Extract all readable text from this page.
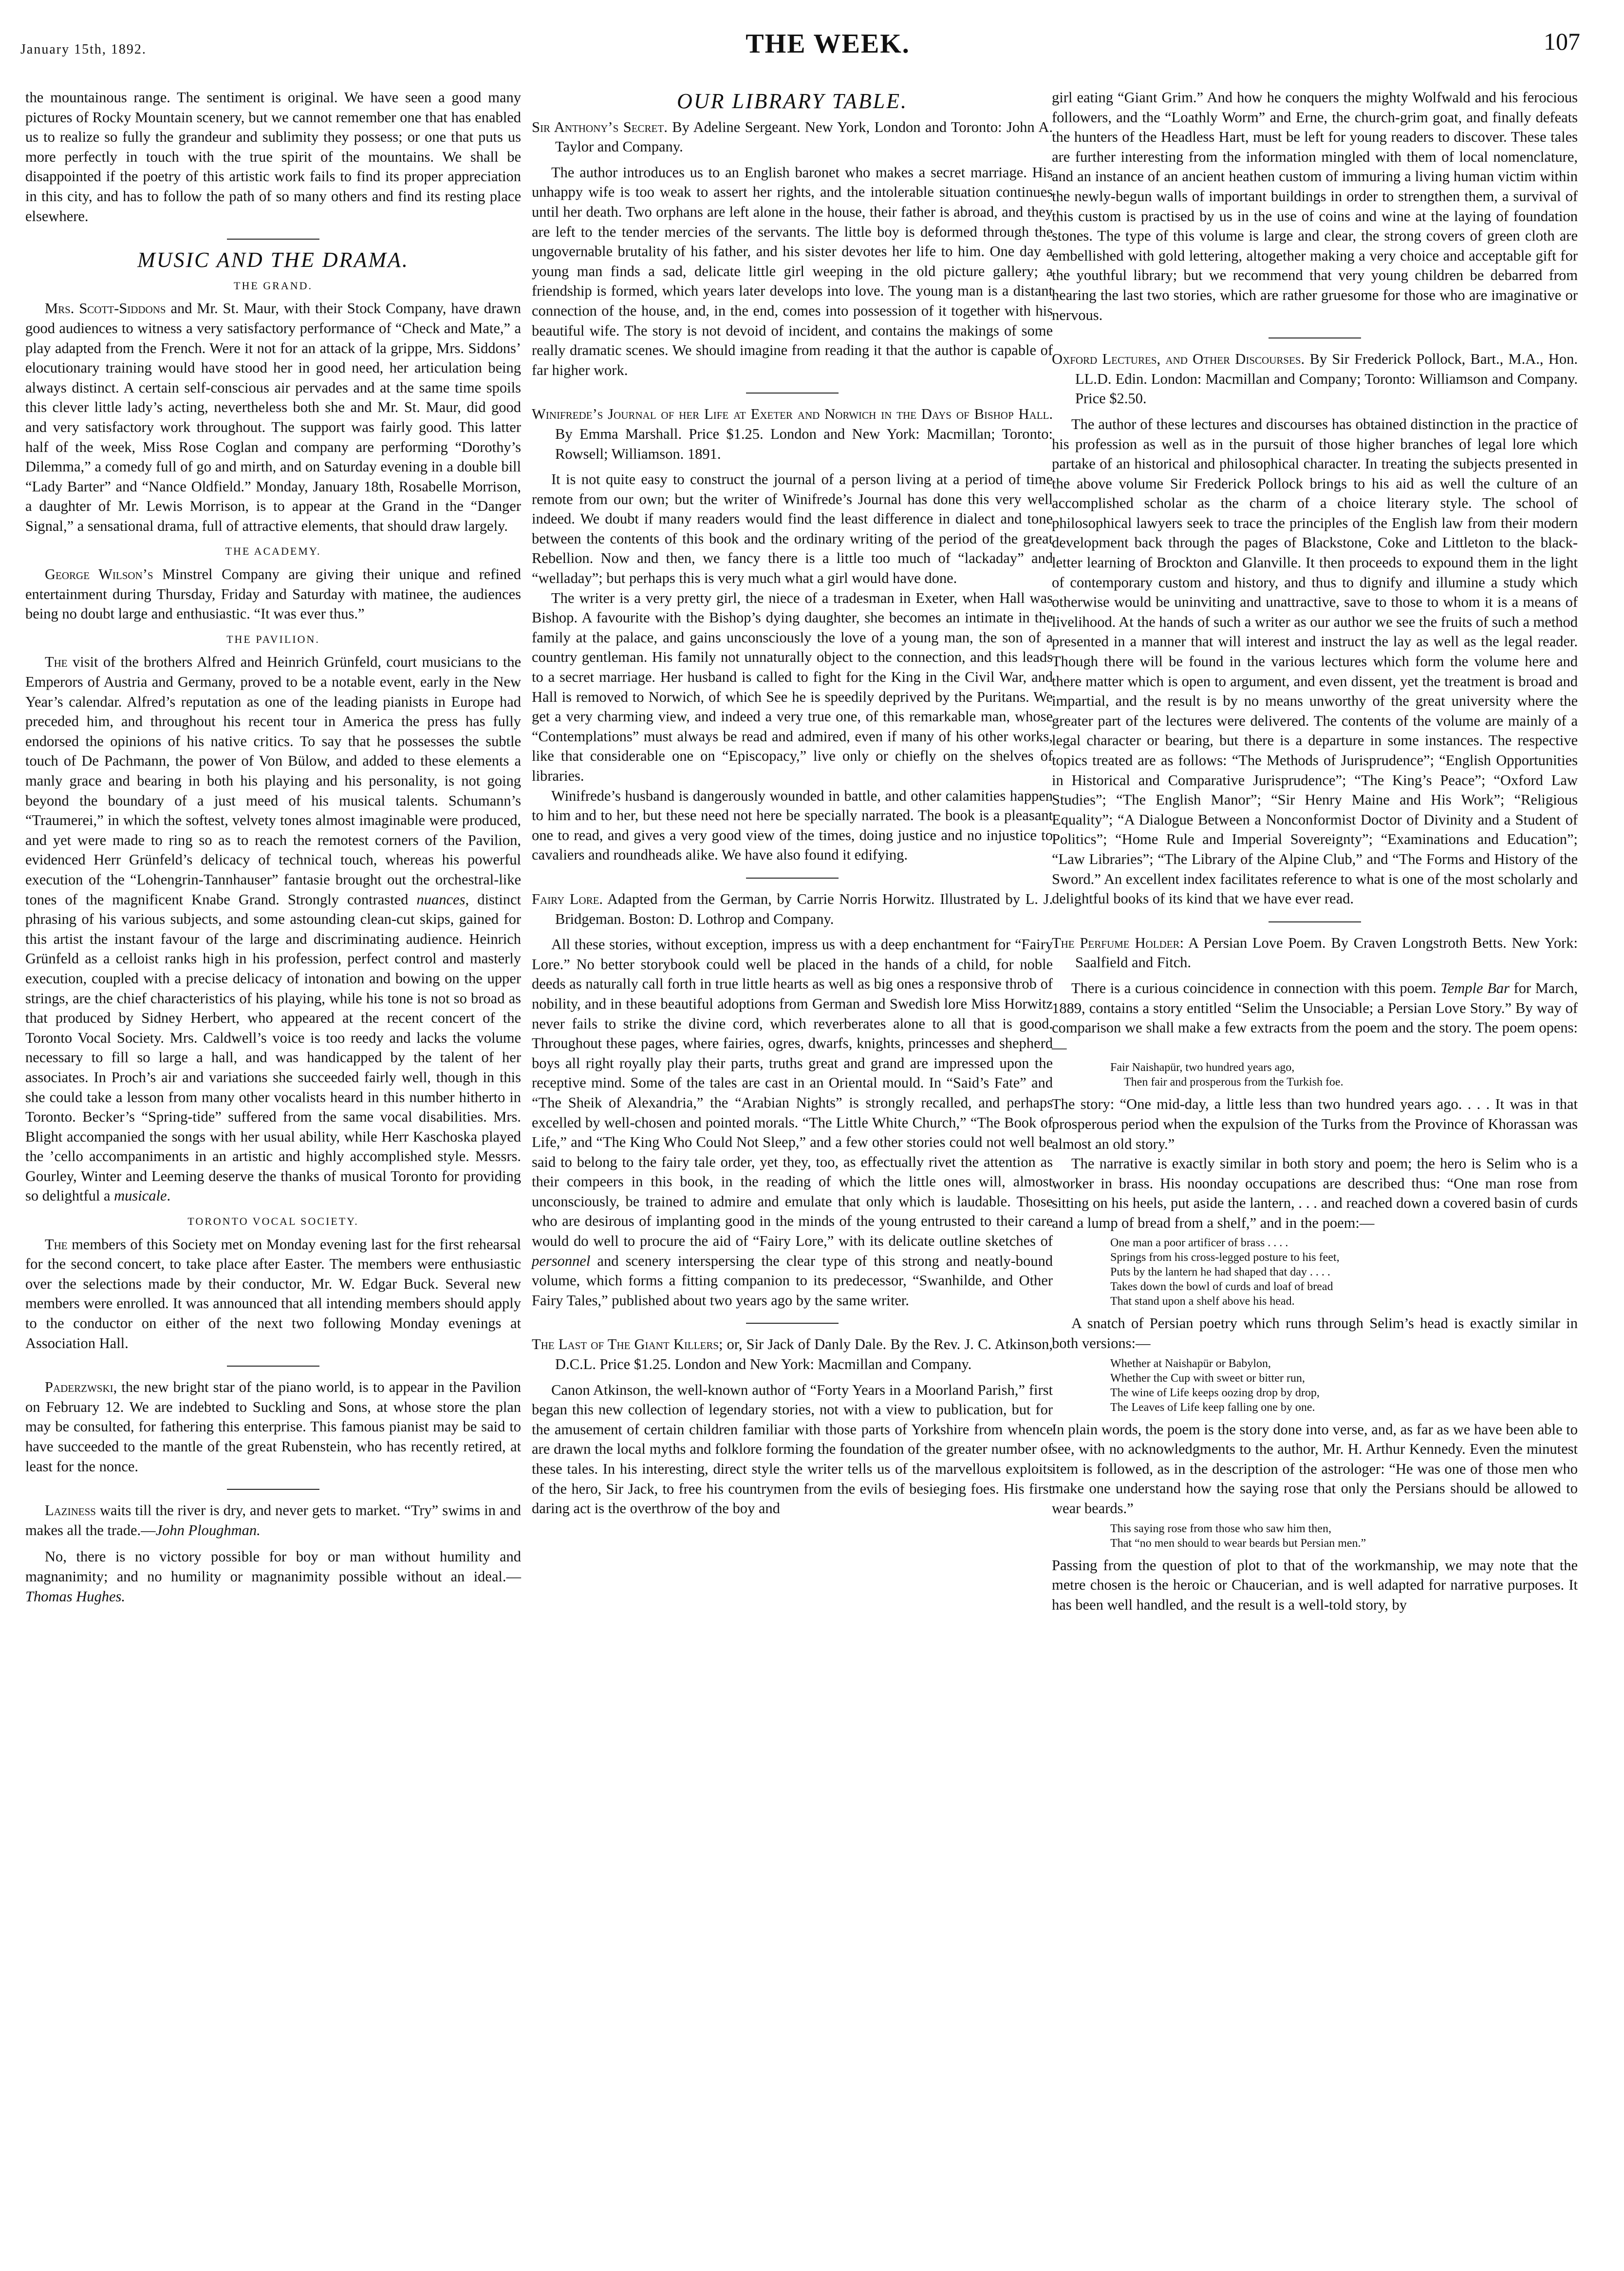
January 15th, 1892.	THE WEEK.	107

the mountainous range. The sentiment is original. We have seen a good many pictures of Rocky Mountain scenery, but we cannot remember one that has enabled us to realize so fully the grandeur and sublimity they possess; or one that puts us more perfectly in touch with the true spirit of the mountains. We shall be disappointed if the poetry of this artistic work fails to find its proper appreciation in this city, and has to follow the path of so many others and find its resting place elsewhere.

MUSIC AND THE DRAMA.
THE GRAND.

Mrs. Scott-Siddons and Mr. St. Maur, with their Stock Company, have drawn good audiences to witness a very satisfactory performance of “Check and Mate,” a play adapted from the French. Were it not for an attack of la grippe, Mrs. Siddons’ elocutionary training would have stood her in good need, her articulation being always distinct. A certain self-conscious air pervades and at the same time spoils this clever little lady’s acting, nevertheless both she and Mr. St. Maur, did good and very satisfactory work throughout. The support was fairly good. This latter half of the week, Miss Rose Coglan and company are performing “Dorothy’s Dilemma,” a comedy full of go and mirth, and on Saturday evening in a double bill “Lady Barter” and “Nance Oldfield.” Monday, January 18th, Rosabelle Morrison, a daughter of Mr. Lewis Morrison, is to appear at the Grand in the “Danger Signal,” a sensational drama, full of attractive elements, that should draw largely.

THE ACADEMY.

George Wilson’s Minstrel Company are giving their unique and refined entertainment during Thursday, Friday and Saturday with matinee, the audiences being no doubt large and enthusiastic. “It was ever thus.”

THE PAVILION.

The visit of the brothers Alfred and Heinrich Grünfeld, court musicians to the Emperors of Austria and Germany, proved to be a notable event, early in the New Year’s calendar. Alfred’s reputation as one of the leading pianists in Europe had preceded him, and throughout his recent tour in America the press has fully endorsed the opinions of his native critics. To say that he possesses the subtle touch of De Pachmann, the power of Von Bülow, and added to these elements a manly grace and bearing in both his playing and his personality, is not going beyond the boundary of a just meed of his musical talents. Schumann’s “Traumerei,” in which the softest, velvety tones almost imaginable were produced, and yet were made to ring so as to reach the remotest corners of the Pavilion, evidenced Herr Grünfeld’s delicacy of technical touch, whereas his powerful execution of the “Lohengrin-Tannhauser” fantasie brought out the orchestral-like tones of the magnificent Knabe Grand. Strongly contrasted nuances, distinct phrasing of his various subjects, and some astounding clean-cut skips, gained for this artist the instant favour of the large and discriminating audience. Heinrich Grünfeld as a celloist ranks high in his profession, perfect control and masterly execution, coupled with a precise delicacy of intonation and bowing on the upper strings, are the chief characteristics of his playing, while his tone is not so broad as that produced by Sidney Herbert, who appeared at the recent concert of the Toronto Vocal Society. Mrs. Caldwell’s voice is too reedy and lacks the volume necessary to fill so large a hall, and was handicapped by the talent of her associates. In Proch’s air and variations she succeeded fairly well, though in this she could take a lesson from many other vocalists heard in this number hitherto in Toronto. Becker’s “Spring-tide” suffered from the same vocal disabilities. Mrs. Blight accompanied the songs with her usual ability, while Herr Kaschoska played the ’cello accompaniments in an artistic and highly accomplished style. Messrs. Gourley, Winter and Leeming deserve the thanks of musical Toronto for providing so delightful a musicale.

TORONTO VOCAL SOCIETY.

The members of this Society met on Monday evening last for the first rehearsal for the second concert, to take place after Easter. The members were enthusiastic over the selections made by their conductor, Mr. W. Edgar Buck. Several new members were enrolled. It was announced that all intending members should apply to the conductor on either of the next two following Monday evenings at Association Hall.

Paderzwski, the new bright star of the piano world, is to appear in the Pavilion on February 12. We are indebted to Suckling and Sons, at whose store the plan may be consulted, for fathering this enterprise. This famous pianist may be said to have succeeded to the mantle of the great Rubenstein, who has recently retired, at least for the nonce.

Laziness waits till the river is dry, and never gets to market. “Try” swims in and makes all the trade.—John Ploughman.

No, there is no victory possible for boy or man without humility and magnanimity; and no humility or magnanimity possible without an ideal.—Thomas Hughes.

OUR LIBRARY TABLE.

Sir Anthony’s Secret. By Adeline Sergeant. New York, London and Toronto: John A. Taylor and Company.

The author introduces us to an English baronet who makes a secret marriage. His unhappy wife is too weak to assert her rights, and the intolerable situation continues until her death. Two orphans are left alone in the house, their father is abroad, and they are left to the tender mercies of the servants. The little boy is deformed through the ungovernable brutality of his father, and his sister devotes her life to him. One day a young man finds a sad, delicate little girl weeping in the old picture gallery; a friendship is formed, which years later develops into love. The young man is a distant connection of the house, and, in the end, comes into possession of it together with his beautiful wife. The story is not devoid of incident, and contains the makings of some really dramatic scenes. We should imagine from reading it that the author is capable of far higher work.

Winifrede’s Journal of her Life at Exeter and Norwich in the Days of Bishop Hall. By Emma Marshall. Price $1.25. London and New York: Macmillan; Toronto: Rowsell; Williamson. 1891.

It is not quite easy to construct the journal of a person living at a period of time remote from our own; but the writer of Winifrede’s Journal has done this very well indeed. We doubt if many readers would find the least difference in dialect and tone between the contents of this book and the ordinary writing of the period of the great Rebellion. Now and then, we fancy there is a little too much of “lackaday” and “welladay”; but perhaps this is very much what a girl would have done.

The writer is a very pretty girl, the niece of a tradesman in Exeter, when Hall was Bishop. A favourite with the Bishop’s dying daughter, she becomes an intimate in the family at the palace, and gains unconsciously the love of a young man, the son of a country gentleman. His family not unnaturally object to the connection, and this leads to a secret marriage. Her husband is called to fight for the King in the Civil War, and Hall is removed to Norwich, of which See he is speedily deprived by the Puritans. We get a very charming view, and indeed a very true one, of this remarkable man, whose “Contemplations” must always be read and admired, even if many of his other works, like that considerable one on “Episcopacy,” live only or chiefly on the shelves of libraries.

Winifrede’s husband is dangerously wounded in battle, and other calamities happen to him and to her, but these need not here be specially narrated. The book is a pleasant one to read, and gives a very good view of the times, doing justice and no injustice to cavaliers and roundheads alike. We have also found it edifying.

Fairy Lore. Adapted from the German, by Carrie Norris Horwitz. Illustrated by L. J. Bridgeman. Boston: D. Lothrop and Company.

All these stories, without exception, impress us with a deep enchantment for “Fairy Lore.” No better storybook could well be placed in the hands of a child, for noble deeds as naturally call forth in true little hearts as well as big ones a responsive throb of nobility, and in these beautiful adoptions from German and Swedish lore Miss Horwitz never fails to strike the divine cord, which reverberates alone to all that is good. Throughout these pages, where fairies, ogres, dwarfs, knights, princesses and shepherd boys all right royally play their parts, truths great and grand are impressed upon the receptive mind. Some of the tales are cast in an Oriental mould. In “Said’s Fate” and “The Sheik of Alexandria,” the “Arabian Nights” is strongly recalled, and perhaps excelled by well-chosen and pointed morals. “The Little White Church,” “The Book of Life,” and “The King Who Could Not Sleep,” and a few other stories could not well be said to belong to the fairy tale order, yet they, too, as effectually rivet the attention as their compeers in this book, in the reading of which the little ones will, almost unconsciously, be trained to admire and emulate that only which is laudable. Those who are desirous of implanting good in the minds of the young entrusted to their care would do well to procure the aid of “Fairy Lore,” with its delicate outline sketches of personnel and scenery interspersing the clear type of this strong and neatly-bound volume, which forms a fitting companion to its predecessor, “Swanhilde, and Other Fairy Tales,” published about two years ago by the same writer.

The Last of The Giant Killers; or, Sir Jack of Danly Dale. By the Rev. J. C. Atkinson, D.C.L. Price $1.25. London and New York: Macmillan and Company.

Canon Atkinson, the well-known author of “Forty Years in a Moorland Parish,” first began this new collection of legendary stories, not with a view to publication, but for the amusement of certain children familiar with those parts of Yorkshire from whence are drawn the local myths and folklore forming the foundation of the greater number of these tales. In his interesting, direct style the writer tells us of the marvellous exploits of the hero, Sir Jack, to free his countrymen from the evils of besieging foes. His first daring act is the overthrow of the boy and

girl eating “Giant Grim.” And how he conquers the mighty Wolfwald and his ferocious followers, and the “Loathly Worm” and Erne, the church-grim goat, and finally defeats the hunters of the Headless Hart, must be left for young readers to discover. These tales are further interesting from the information mingled with them of local nomenclature, and an instance of an ancient heathen custom of immuring a living human victim within the newly-begun walls of important buildings in order to strengthen them, a survival of this custom is practised by us in the use of coins and wine at the laying of foundation stones. The type of this volume is large and clear, the strong covers of green cloth are embellished with gold lettering, altogether making a very choice and acceptable gift for the youthful library; but we recommend that very young children be debarred from hearing the last two stories, which are rather gruesome for those who are imaginative or nervous.

Oxford Lectures, and Other Discourses. By Sir Frederick Pollock, Bart., M.A., Hon. LL.D. Edin. London: Macmillan and Company; Toronto: Williamson and Company. Price $2.50.

The author of these lectures and discourses has obtained distinction in the practice of his profession as well as in the pursuit of those higher branches of legal lore which partake of an historical and philosophical character. In treating the subjects presented in the above volume Sir Frederick Pollock brings to his aid as well the culture of an accomplished scholar as the charm of a choice literary style. The school of philosophical lawyers seek to trace the principles of the English law from their modern development back through the pages of Blackstone, Coke and Littleton to the black-letter learning of Brockton and Glanville. It then proceeds to expound them in the light of contemporary custom and history, and thus to dignify and illumine a study which otherwise would be uninviting and unattractive, save to those to whom it is a means of livelihood. At the hands of such a writer as our author we see the fruits of such a method presented in a manner that will interest and instruct the lay as well as the legal reader. Though there will be found in the various lectures which form the volume here and there matter which is open to argument, and even dissent, yet the treatment is broad and impartial, and the result is by no means unworthy of the great university where the greater part of the lectures were delivered. The contents of the volume are mainly of a legal character or bearing, but there is a departure in some instances. The respective topics treated are as follows: “The Methods of Jurisprudence”; “English Opportunities in Historical and Comparative Jurisprudence”; “The King’s Peace”; “Oxford Law Studies”; “The English Manor”; “Sir Henry Maine and His Work”; “Religious Equality”; “A Dialogue Between a Nonconformist Doctor of Divinity and a Student of Politics”; “Home Rule and Imperial Sovereignty”; “Examinations and Education”; “Law Libraries”; “The Library of the Alpine Club,” and “The Forms and History of the Sword.” An excellent index facilitates reference to what is one of the most scholarly and delightful books of its kind that we have ever read.

The Perfume Holder: A Persian Love Poem. By Craven Longstroth Betts. New York: Saalfield and Fitch.

There is a curious coincidence in connection with this poem. Temple Bar for March, 1889, contains a story entitled “Selim the Unsociable; a Persian Love Story.” By way of comparison we shall make a few extracts from the poem and the story. The poem opens:—

Fair Naishapür, two hundred years ago,
Then fair and prosperous from the Turkish foe.

The story: “One mid-day, a little less than two hundred years ago. . . . It was in that prosperous period when the expulsion of the Turks from the Province of Khorassan was almost an old story.”

The narrative is exactly similar in both story and poem; the hero is Selim who is a worker in brass. His noonday occupations are described thus: “One man rose from sitting on his heels, put aside the lantern, . . . and reached down a covered basin of curds and a lump of bread from a shelf,” and in the poem:—

One man a poor artificer of brass . . . .
Springs from his cross-legged posture to his feet,
Puts by the lantern he had shaped that day . . . .
Takes down the bowl of curds and loaf of bread
That stand upon a shelf above his head.

A snatch of Persian poetry which runs through Selim’s head is exactly similar in both versions:—

Whether at Naishapür or Babylon,
Whether the Cup with sweet or bitter run,
The wine of Life keeps oozing drop by drop,
The Leaves of Life keep falling one by one.

In plain words, the poem is the story done into verse, and, as far as we have been able to see, with no acknowledgments to the author, Mr. H. Arthur Kennedy. Even the minutest item is followed, as in the description of the astrologer: “He was one of those men who make one understand how the saying rose that only the Persians should be allowed to wear beards.”

This saying rose from those who saw him then,
That “no men should to wear beards but Persian men.”

Passing from the question of plot to that of the workmanship, we may note that the metre chosen is the heroic or Chaucerian, and is well adapted for narrative purposes. It has been well handled, and the result is a well-told story, by
